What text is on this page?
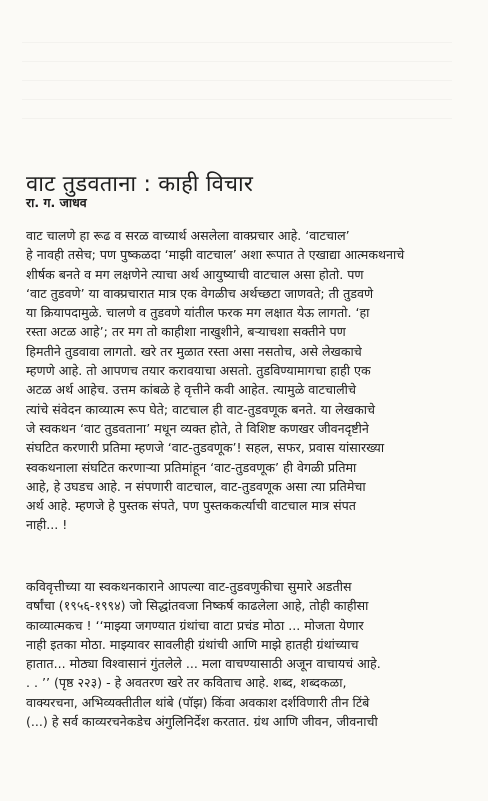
वाट तुडवताना : काही विचार
रा. ग. जाधव
वाट चालणे हा रूढ व सरळ वाच्यार्थ असलेला वाक्प्रचार आहे. ‘वाटचाल’
हे नावही तसेच; पण पुष्कळदा ‘माझी वाटचाल’ अशा रूपात ते एखाद्या आत्मकथनाचे
शीर्षक बनते व मग लक्षणेने त्याचा अर्थ आयुष्याची वाटचाल असा होतो. पण
‘वाट तुडवणे’ या वाक्प्रचारात मात्र एक वेगळीच अर्थच्छटा जाणवते; ती तुडवणे
या क्रियापदामुळे. चालणे व तुडवणे यांतील फरक मग लक्षात येऊ लागतो. ‘हा
रस्ता अटळ आहे’; तर मग तो काहीशा नाखुशीने, बऱ्याचशा सक्तीने पण
हिमतीने तुडवावा लागतो. खरे तर मुळात रस्ता असा नसतोच, असे लेखकाचे
म्हणणे आहे. तो आपणच तयार करावयाचा असतो. तुडविण्यामागचा हाही एक
अटळ अर्थ आहेच. उत्तम कांबळे हे वृत्तीने कवी आहेत. त्यामुळे वाटचालीचे
त्यांचे संवेदन काव्यात्म रूप घेते; वाटचाल ही वाट-तुडवणूक बनते. या लेखकाचे
जे स्वकथन ‘वाट तुडवताना’ मधून व्यक्त होते, ते विशिष्ट कणखर जीवनदृष्टीने
संघटित करणारी प्रतिमा म्हणजे ‘वाट-तुडवणूक’! सहल, सफर, प्रवास यांसारख्या
स्वकथनाला संघटित करणाऱ्या प्रतिमांहून ‘वाट-तुडवणूक’ ही वेगळी प्रतिमा
आहे, हे उघडच आहे. न संपणारी वाटचाल, वाट-तुडवणूक असा त्या प्रतिमेचा
अर्थ आहे. म्हणजे हे पुस्तक संपते, पण पुस्तककर्त्याची वाटचाल मात्र संपत
नाही... !
कविवृत्तीच्या या स्वकथनकाराने आपल्या वाट-तुडवणुकीचा सुमारे अडतीस
वर्षांचा (१९५६-१९९४) जो सिद्धांतवजा निष्कर्ष काढलेला आहे, तोही काहीसा
काव्यात्मकच ! ‘‘माझ्या जगण्यात ग्रंथांचा वाटा प्रचंड मोठा ... मोजता येणार
नाही इतका मोठा. माझ्यावर सावलीही ग्रंथांची आणि माझे हातही ग्रंथांच्याच
हातात... मोठ्या विश्वासानं गुंतलेले ... मला वाचण्यासाठी अजून वाचायचं आहे.
. . ’’ (पृष्ठ २२३) - हे अवतरण खरे तर कविताच आहे. शब्द, शब्दकळा,
वाक्यरचना, अभिव्यक्तीतील थांबे (पॉझ) किंवा अवकाश दर्शविणारी तीन टिंबे
(...) हे सर्व काव्यरचनेकडेच अंगुलिनिर्देश करतात. ग्रंथ आणि जीवन, जीवनाची
